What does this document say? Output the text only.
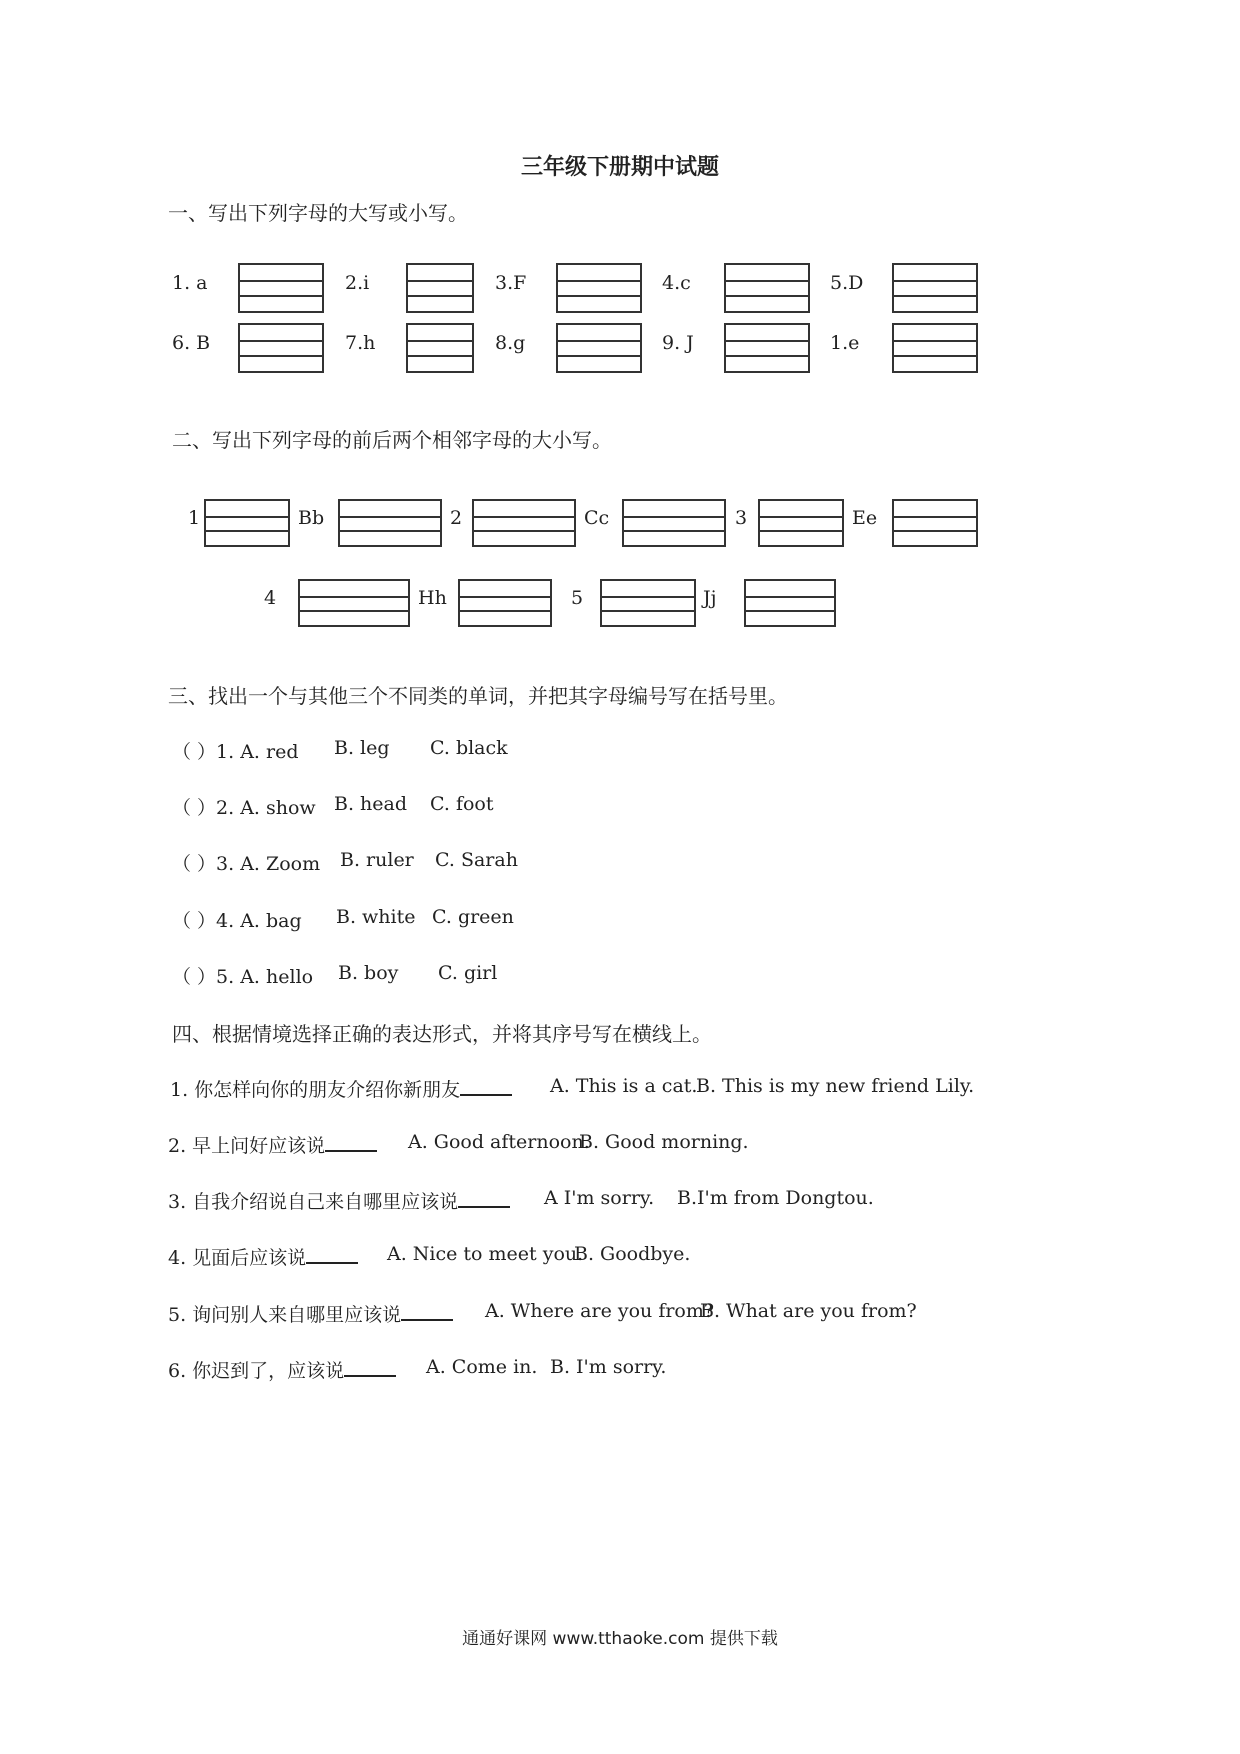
三年级下册期中试题
一、写出下列字母的大写或小写。
1. a	2.i	3.F	4.c	5.D
6. B	7.h	8.g	9. J	1.e
二、写出下列字母的前后两个相邻字母的大小写。
1	Bb	2	Cc	3	Ee
4	Hh	5	Jj
三、找出一个与其他三个不同类的单词，并把其字母编号写在括号里。
（ ）1. A. red B. leg C. black
（ ）2. A. show B. head C. foot
（ ）3. A. Zoom B. ruler C. Sarah
（ ）4. A. bag B. white C. green
（ ）5. A. hello B. boy C. girl
四、根据情境选择正确的表达形式，并将其序号写在横线上。
1. 你怎样向你的朋友介绍你新朋友	A. This is a cat.
B. This is my new friend Lily.
2. 早上问好应该说	A. Good afternoon.
B. Good morning.
3. 自我介绍说自己来自哪里应该说	A I'm sorry. B.I'm from Dongtou.
4. 见面后应该说	A. Nice to meet you.
B. Goodbye.
5. 询问别人来自哪里应该说	A. Where are you from?
B. What are you from?
6. 你迟到了，应该说	A. Come in. B. I'm sorry.
通通好课网 www.tthaoke.com 提供下载
